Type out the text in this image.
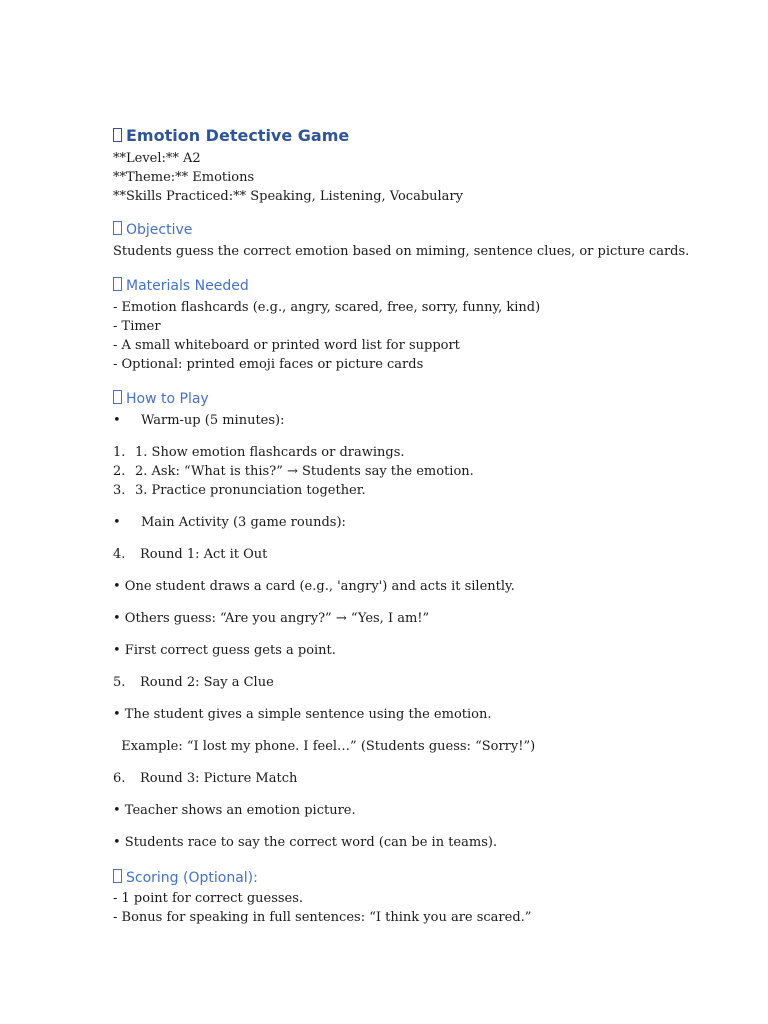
Emotion Detective Game
**Level:** A2
**Theme:** Emotions
**Skills Practiced:** Speaking, Listening, Vocabulary
Objective
Students guess the correct emotion based on miming, sentence clues, or picture cards.
Materials Needed
- Emotion flashcards (e.g., angry, scared, free, sorry, funny, kind)
- Timer
- A small whiteboard or printed word list for support
- Optional: printed emoji faces or picture cards
How to Play
• Warm-up (5 minutes):
1. 1. Show emotion flashcards or drawings.
2. 2. Ask: “What is this?” → Students say the emotion.
3. 3. Practice pronunciation together.
• Main Activity (3 game rounds):
4. Round 1: Act it Out
• One student draws a card (e.g., 'angry') and acts it silently.
• Others guess: “Are you angry?” → “Yes, I am!”
• First correct guess gets a point.
5. Round 2: Say a Clue
• The student gives a simple sentence using the emotion.
Example: “I lost my phone. I feel…” (Students guess: “Sorry!”)
6. Round 3: Picture Match
• Teacher shows an emotion picture.
• Students race to say the correct word (can be in teams).
Scoring (Optional):
- 1 point for correct guesses.
- Bonus for speaking in full sentences: “I think you are scared.”
